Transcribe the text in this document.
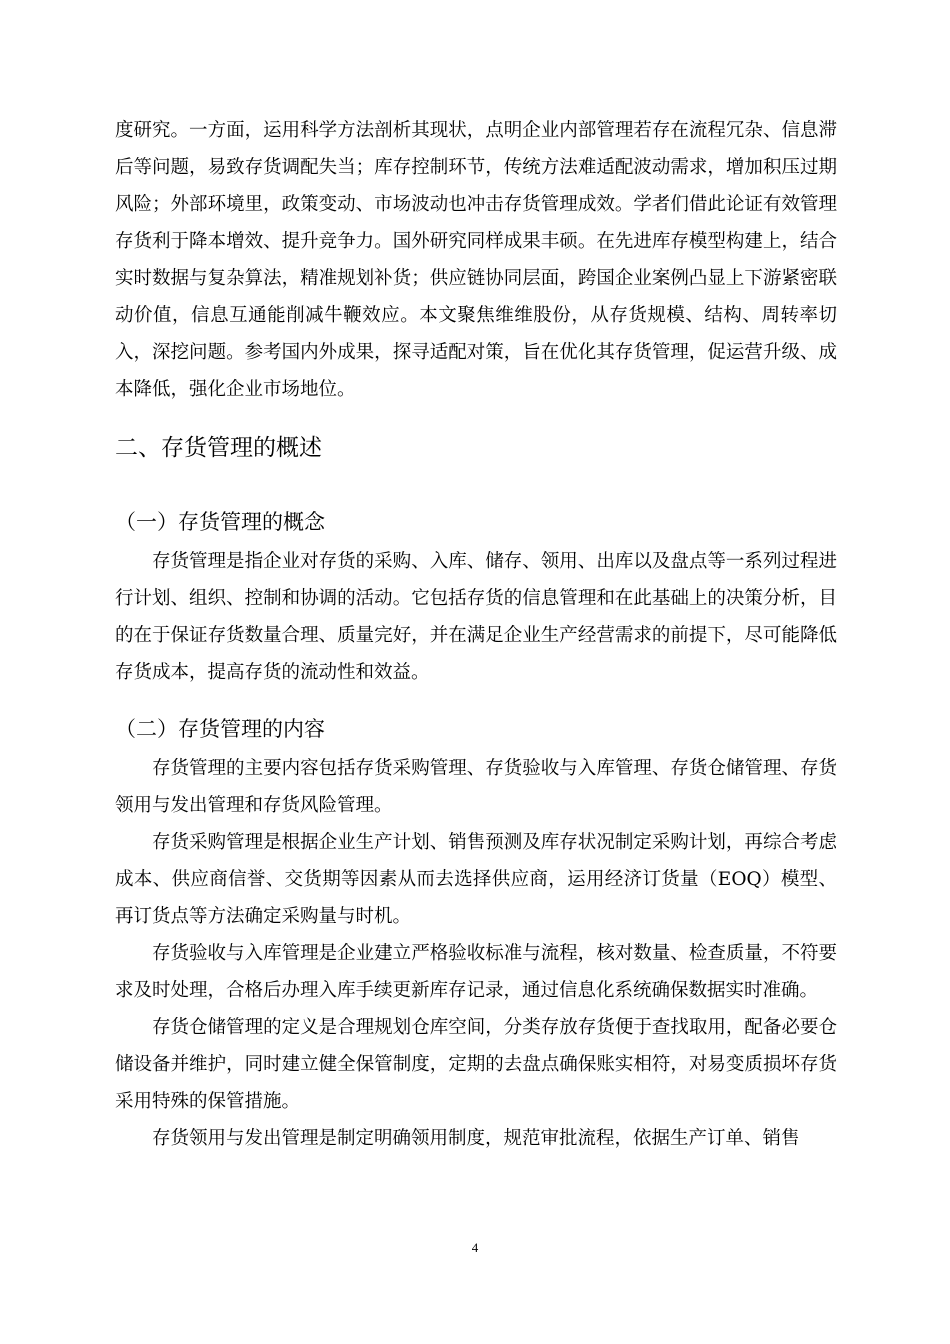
度研究。一方面，运用科学方法剖析其现状，点明企业内部管理若存在流程冗杂、信息滞后等问题，易致存货调配失当；库存控制环节，传统方法难适配波动需求，增加积压过期风险；外部环境里，政策变动、市场波动也冲击存货管理成效。学者们借此论证有效管理存货利于降本增效、提升竞争力。国外研究同样成果丰硕。在先进库存模型构建上，结合实时数据与复杂算法，精准规划补货；供应链协同层面，跨国企业案例凸显上下游紧密联动价值，信息互通能削减牛鞭效应。本文聚焦维维股份，从存货规模、结构、周转率切入，深挖问题。参考国内外成果，探寻适配对策，旨在优化其存货管理，促运营升级、成本降低，强化企业市场地位。

二、存货管理的概述
（一）存货管理的概念

存货管理是指企业对存货的采购、入库、储存、领用、出库以及盘点等一系列过程进行计划、组织、控制和协调的活动。它包括存货的信息管理和在此基础上的决策分析，目的在于保证存货数量合理、质量完好，并在满足企业生产经营需求的前提下，尽可能降低存货成本，提高存货的流动性和效益。

（二）存货管理的内容

存货管理的主要内容包括存货采购管理、存货验收与入库管理、存货仓储管理、存货领用与发出管理和存货风险管理。

存货采购管理是根据企业生产计划、销售预测及库存状况制定采购计划，再综合考虑成本、供应商信誉、交货期等因素从而去选择供应商，运用经济订货量（EOQ）模型、再订货点等方法确定采购量与时机。

存货验收与入库管理是企业建立严格验收标准与流程，核对数量、检查质量，不符要求及时处理，合格后办理入库手续更新库存记录，通过信息化系统确保数据实时准确。

存货仓储管理的定义是合理规划仓库空间，分类存放存货便于查找取用，配备必要仓储设备并维护，同时建立健全保管制度，定期的去盘点确保账实相符，对易变质损坏存货采用特殊的保管措施。

存货领用与发出管理是制定明确领用制度，规范审批流程，依据生产订单、销售

4
